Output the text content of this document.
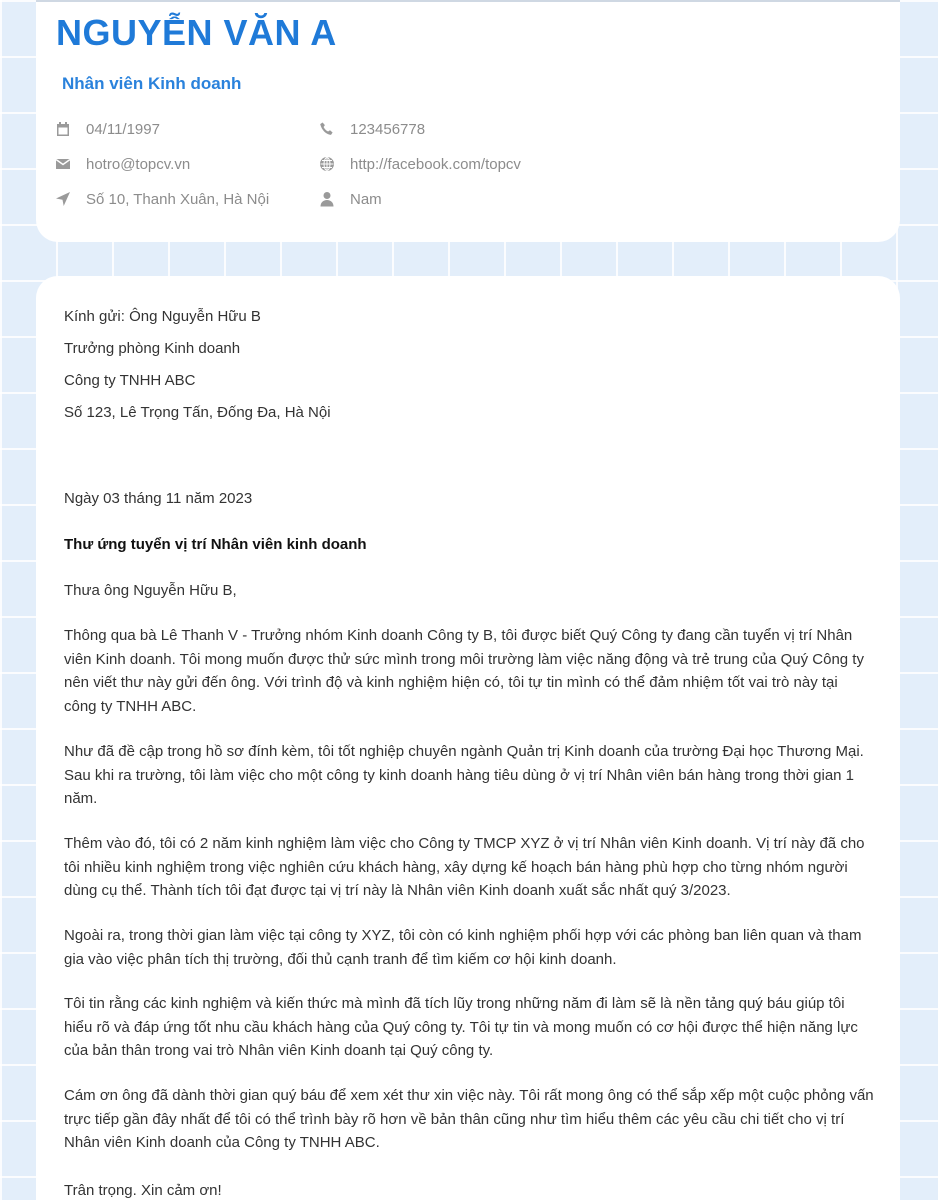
NGUYỄN VĂN A
Nhân viên Kinh doanh
04/11/1997	123456778
hotro@topcv.vn	http://facebook.com/topcv
Số 10, Thanh Xuân, Hà Nội	Nam
Kính gửi: Ông Nguyễn Hữu B
Trưởng phòng Kinh doanh
Công ty TNHH ABC
Số 123, Lê Trọng Tấn, Đống Đa, Hà Nội
Ngày 03 tháng 11 năm 2023
Thư ứng tuyển vị trí Nhân viên kinh doanh
Thưa ông Nguyễn Hữu B,
Thông qua bà Lê Thanh V - Trưởng nhóm Kinh doanh Công ty B, tôi được biết Quý Công ty đang cần tuyển vị trí Nhân viên Kinh doanh. Tôi mong muốn được thử sức mình trong môi trường làm việc năng động và trẻ trung của Quý Công ty nên viết thư này gửi đến ông. Với trình độ và kinh nghiệm hiện có, tôi tự tin mình có thể đảm nhiệm tốt vai trò này tại công ty TNHH ABC.
Như đã đề cập trong hồ sơ đính kèm, tôi tốt nghiệp chuyên ngành Quản trị Kinh doanh của trường Đại học Thương Mại. Sau khi ra trường, tôi làm việc cho một công ty kinh doanh hàng tiêu dùng ở vị trí Nhân viên bán hàng trong thời gian 1 năm.
Thêm vào đó, tôi có 2 năm kinh nghiệm làm việc cho Công ty TMCP XYZ ở vị trí Nhân viên Kinh doanh. Vị trí này đã cho tôi nhiều kinh nghiệm trong việc nghiên cứu khách hàng, xây dựng kế hoạch bán hàng phù hợp cho từng nhóm người dùng cụ thể. Thành tích tôi đạt được tại vị trí này là Nhân viên Kinh doanh xuất sắc nhất quý 3/2023.
Ngoài ra, trong thời gian làm việc tại công ty XYZ, tôi còn có kinh nghiệm phối hợp với các phòng ban liên quan và tham gia vào việc phân tích thị trường, đối thủ cạnh tranh để tìm kiếm cơ hội kinh doanh.
Tôi tin rằng các kinh nghiệm và kiến thức mà mình đã tích lũy trong những năm đi làm sẽ là nền tảng quý báu giúp tôi hiểu rõ và đáp ứng tốt nhu cầu khách hàng của Quý công ty. Tôi tự tin và mong muốn có cơ hội được thể hiện năng lực của bản thân trong vai trò Nhân viên Kinh doanh tại Quý công ty.
Cám ơn ông đã dành thời gian quý báu để xem xét thư xin việc này. Tôi rất mong ông có thể sắp xếp một cuộc phỏng vấn trực tiếp gần đây nhất để tôi có thể trình bày rõ hơn về bản thân cũng như tìm hiểu thêm các yêu cầu chi tiết cho vị trí Nhân viên Kinh doanh của Công ty TNHH ABC.
Trân trọng. Xin cảm ơn!
